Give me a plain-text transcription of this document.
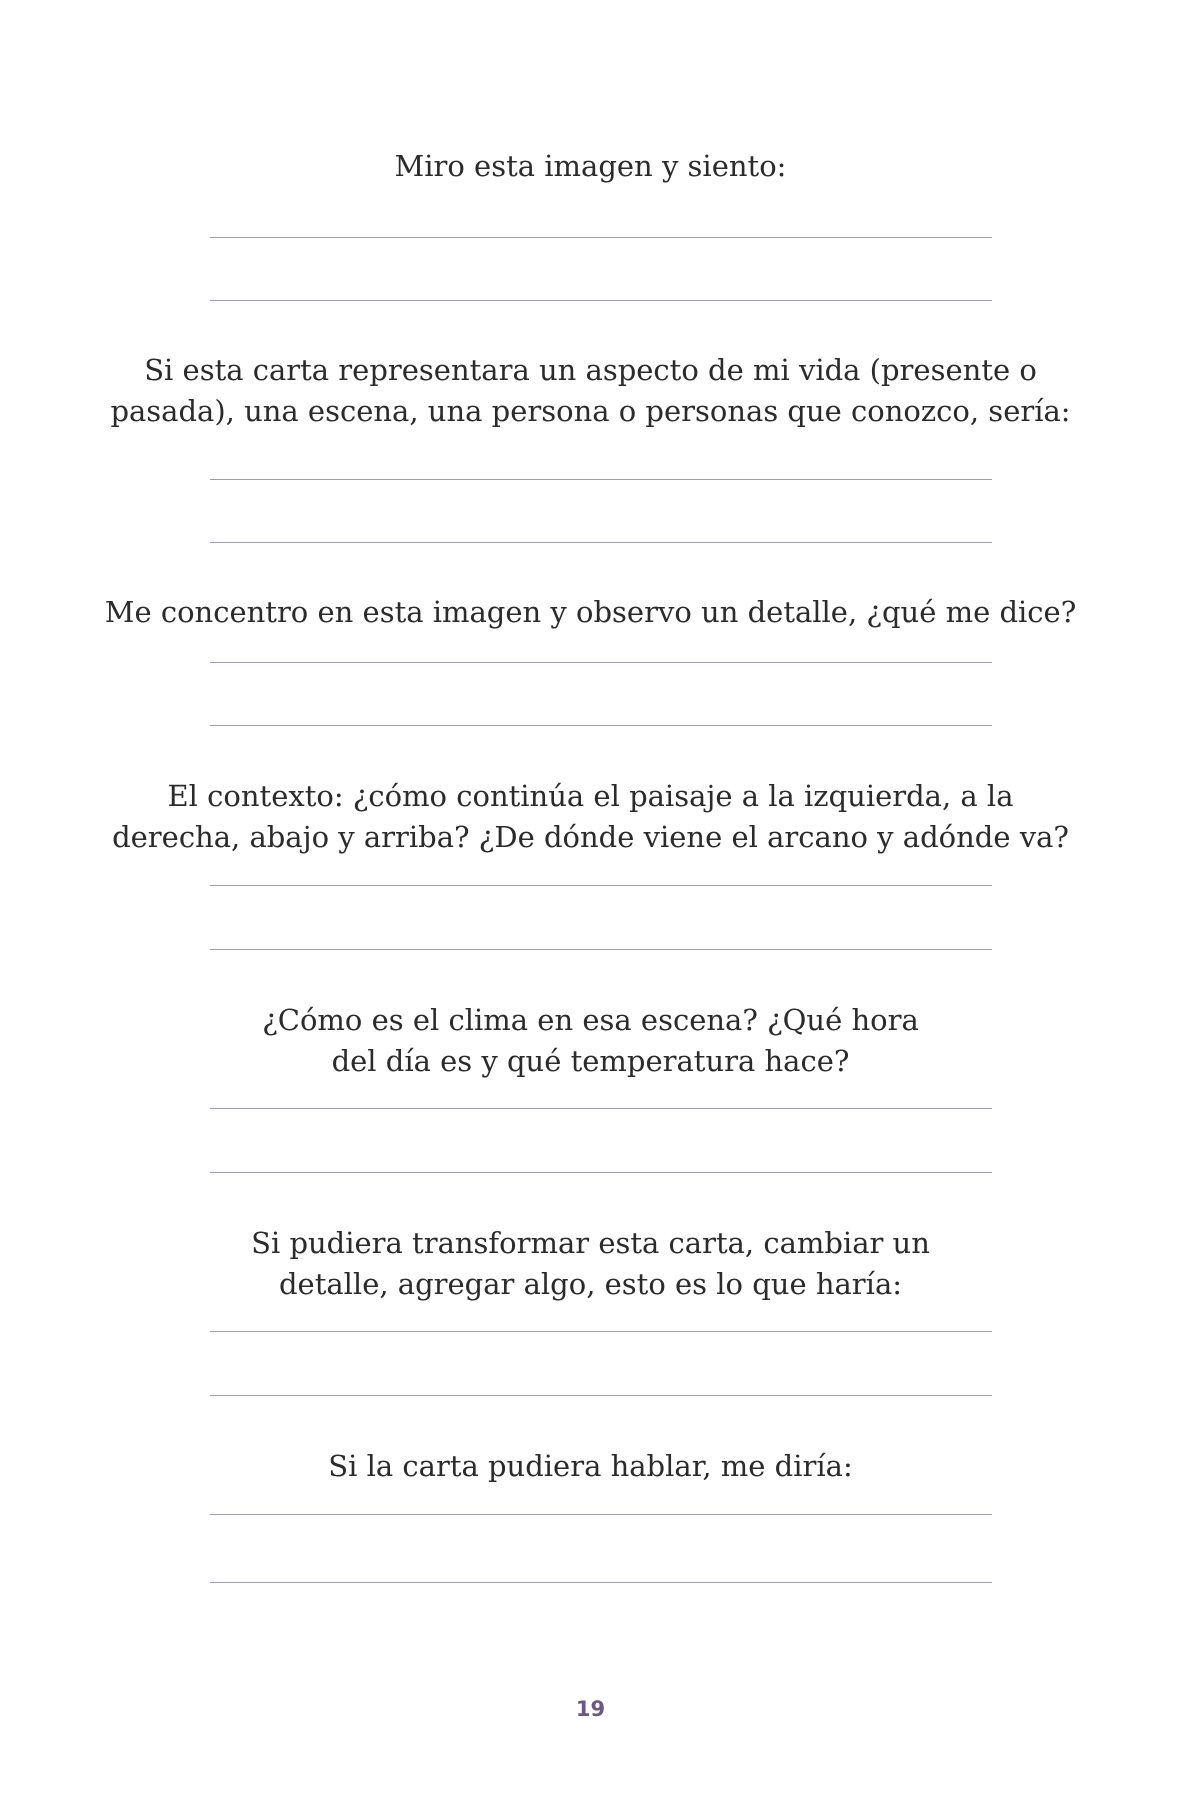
Miro esta imagen y siento:

Si esta carta representara un aspecto de mi vida (presente o
pasada), una escena, una persona o personas que conozco, sería:

Me concentro en esta imagen y observo un detalle, ¿qué me dice?

El contexto: ¿cómo continúa el paisaje a la izquierda, a la
derecha, abajo y arriba? ¿De dónde viene el arcano y adónde va?

¿Cómo es el clima en esa escena? ¿Qué hora
del día es y qué temperatura hace?

Si pudiera transformar esta carta, cambiar un
detalle, agregar algo, esto es lo que haría:

Si la carta pudiera hablar, me diría:

19
